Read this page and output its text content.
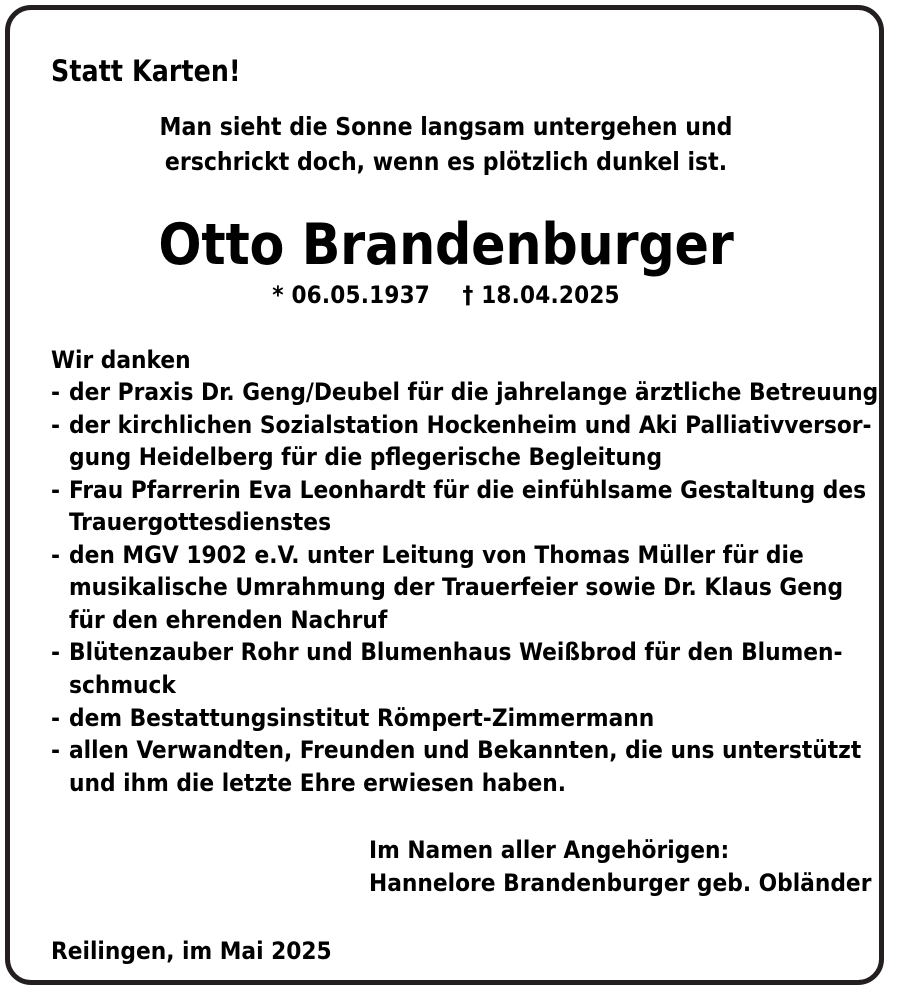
Statt Karten!
Man sieht die Sonne langsam untergehen und
erschrickt doch, wenn es plötzlich dunkel ist.
Otto Brandenburger
* 06.05.1937 † 18.04.2025

Wir danken

- der Praxis Dr. Geng/Deubel für die jahrelange ärztliche Betreuung
- der kirchlichen Sozialstation Hockenheim und Aki Palliativversor-
gung Heidelberg für die pflegerische Begleitung
- Frau Pfarrerin Eva Leonhardt für die einfühlsame Gestaltung des
Trauergottesdienstes
- den MGV 1902 e.V. unter Leitung von Thomas Müller für die
musikalische Umrahmung der Trauerfeier sowie Dr. Klaus Geng
für den ehrenden Nachruf
- Blütenzauber Rohr und Blumenhaus Weißbrod für den Blumen-
schmuck
- dem Bestattungsinstitut Römpert-Zimmermann
- allen Verwandten, Freunden und Bekannten, die uns unterstützt
und ihm die letzte Ehre erwiesen haben.
Im Namen aller Angehörigen:
Hannelore Brandenburger geb. Obländer

Reilingen, im Mai 2025
